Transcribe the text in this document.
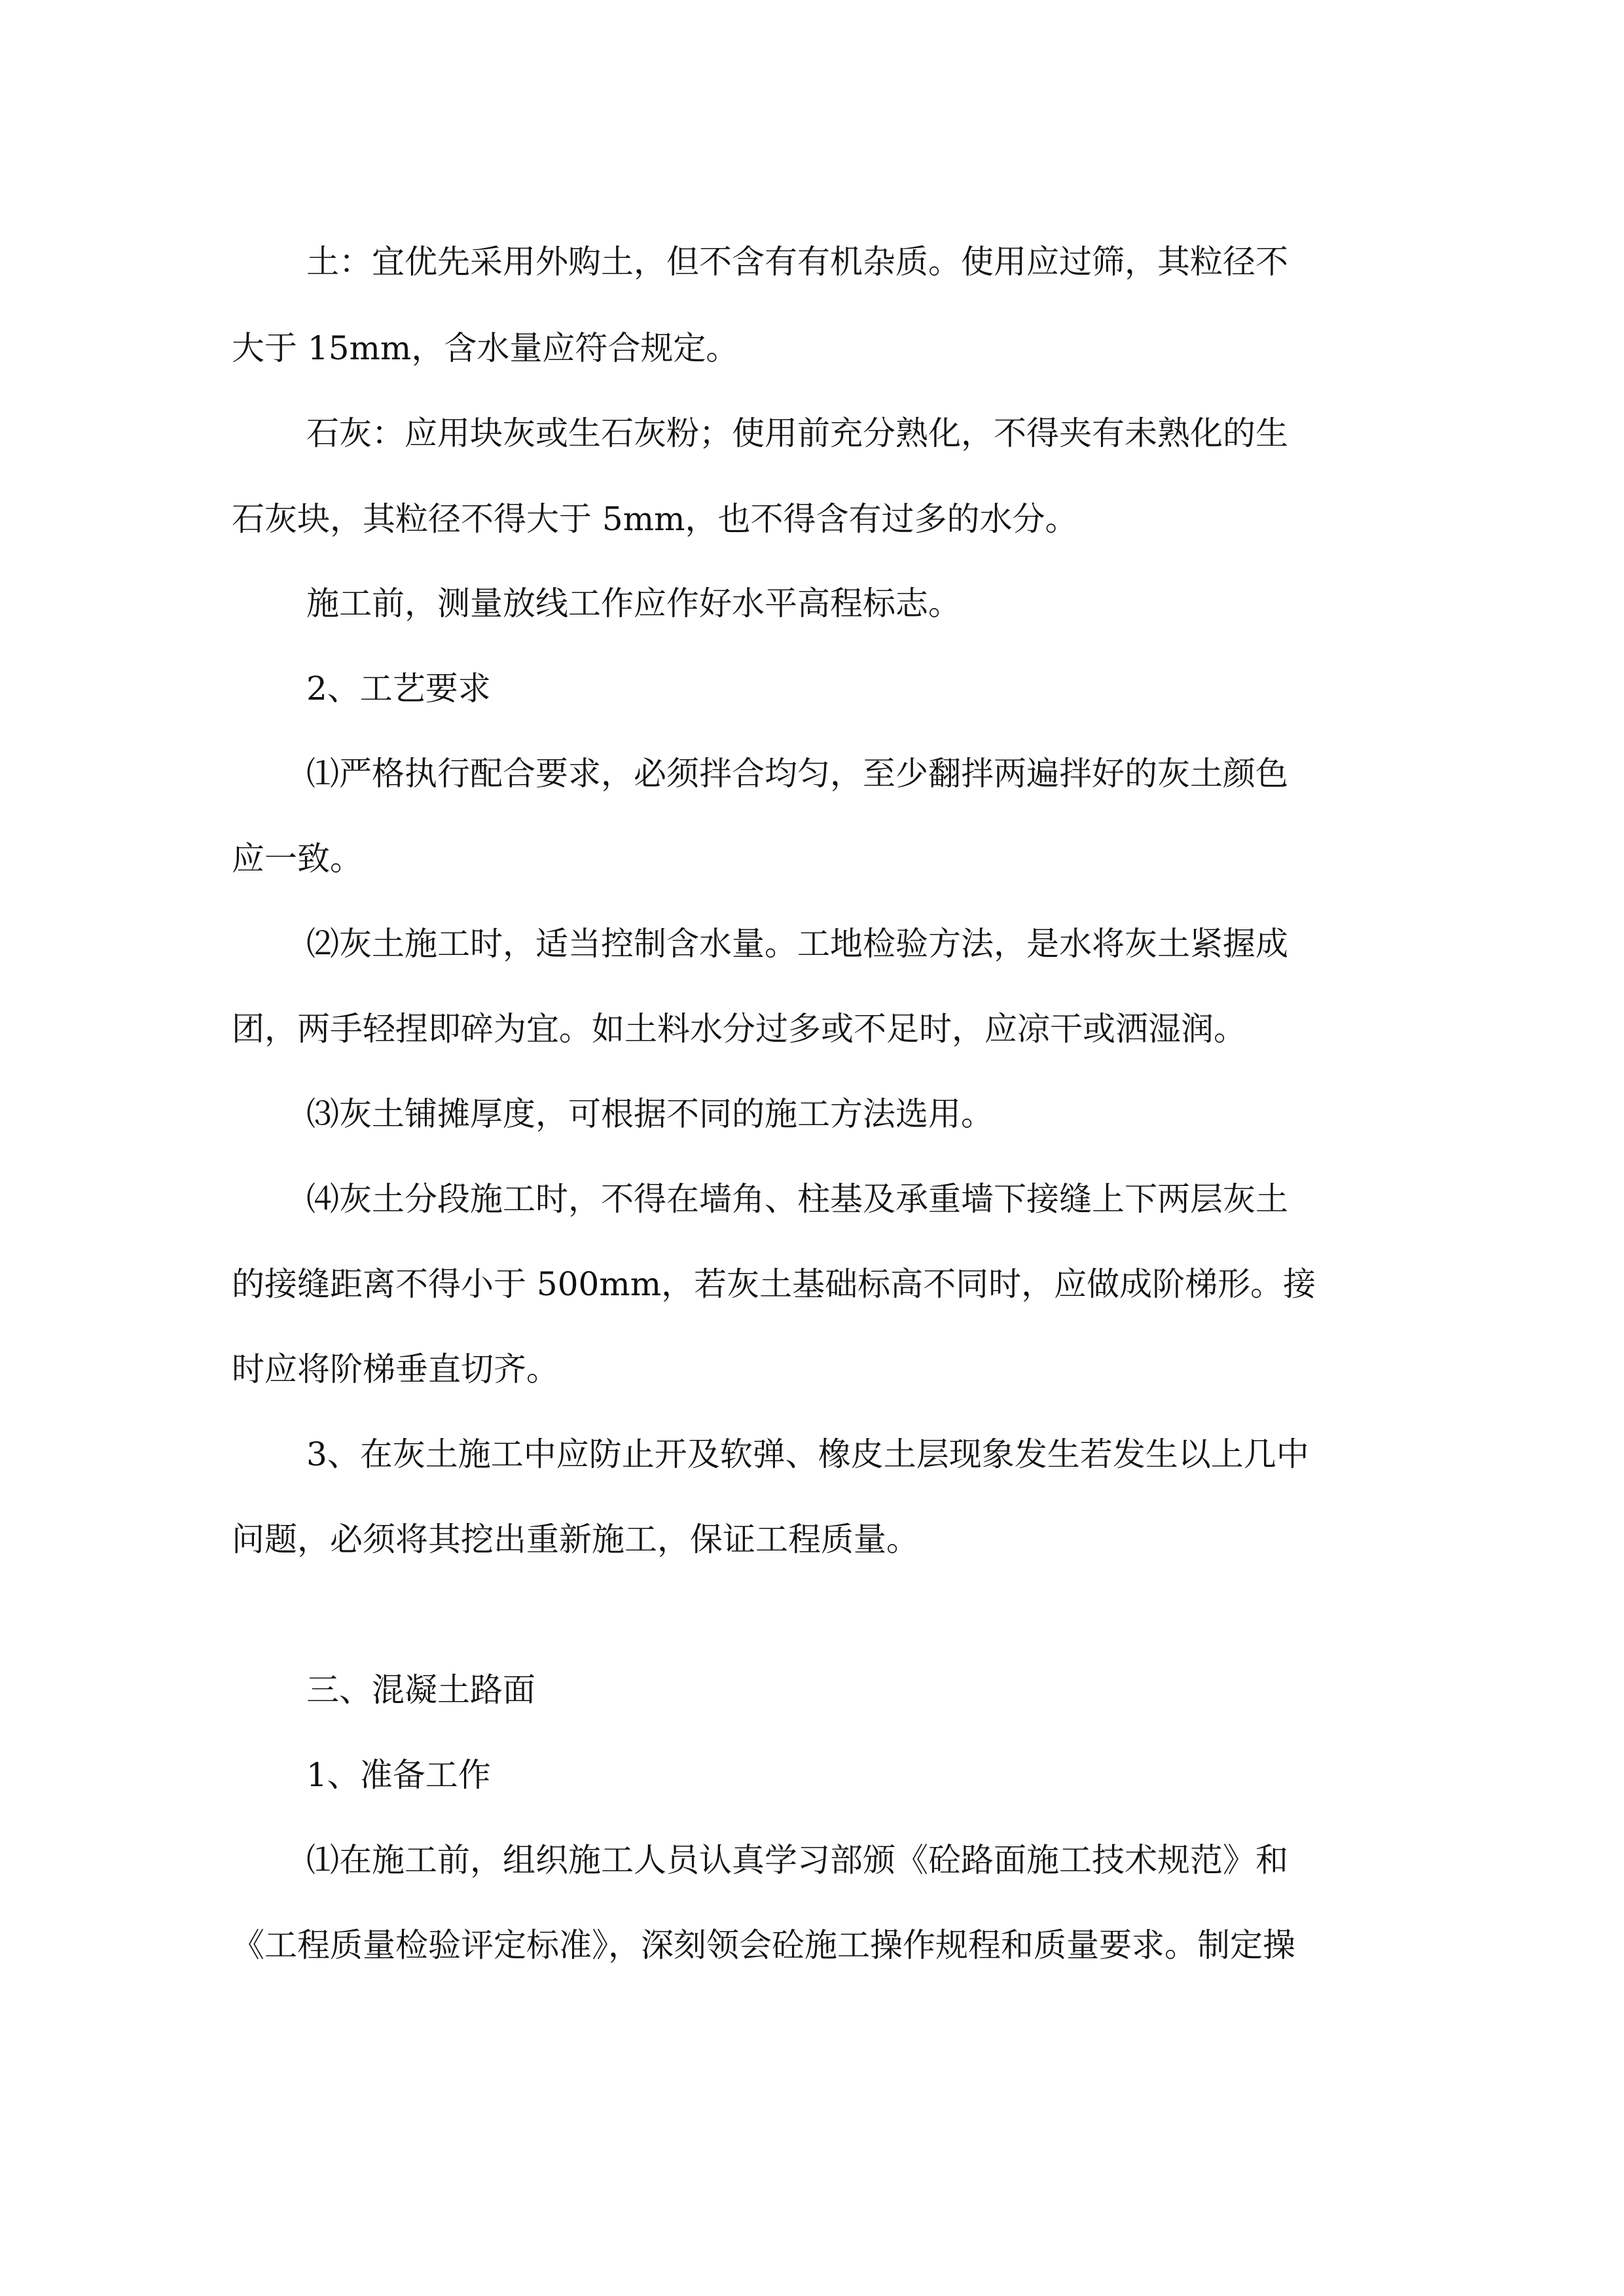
土：宜优先采用外购土，但不含有有机杂质。使用应过筛，其粒径不
大于 15mm，含水量应符合规定。
石灰：应用块灰或生石灰粉；使用前充分熟化，不得夹有未熟化的生
石灰块，其粒径不得大于 5mm，也不得含有过多的水分。
施工前，测量放线工作应作好水平高程标志。
2、工艺要求
⑴严格执行配合要求，必须拌合均匀，至少翻拌两遍拌好的灰土颜色
应一致。
⑵灰土施工时，适当控制含水量。工地检验方法，是水将灰土紧握成
团，两手轻捏即碎为宜。如土料水分过多或不足时，应凉干或洒湿润。
⑶灰土铺摊厚度，可根据不同的施工方法选用。
⑷灰土分段施工时，不得在墙角、柱基及承重墙下接缝上下两层灰土
的接缝距离不得小于 500mm，若灰土基础标高不同时，应做成阶梯形。接
时应将阶梯垂直切齐。
3、在灰土施工中应防止开及软弹、橡皮土层现象发生若发生以上几中
问题，必须将其挖出重新施工，保证工程质量。
三、混凝土路面
1、准备工作
⑴在施工前，组织施工人员认真学习部颁《砼路面施工技术规范》和
《工程质量检验评定标准》，深刻领会砼施工操作规程和质量要求。制定操
